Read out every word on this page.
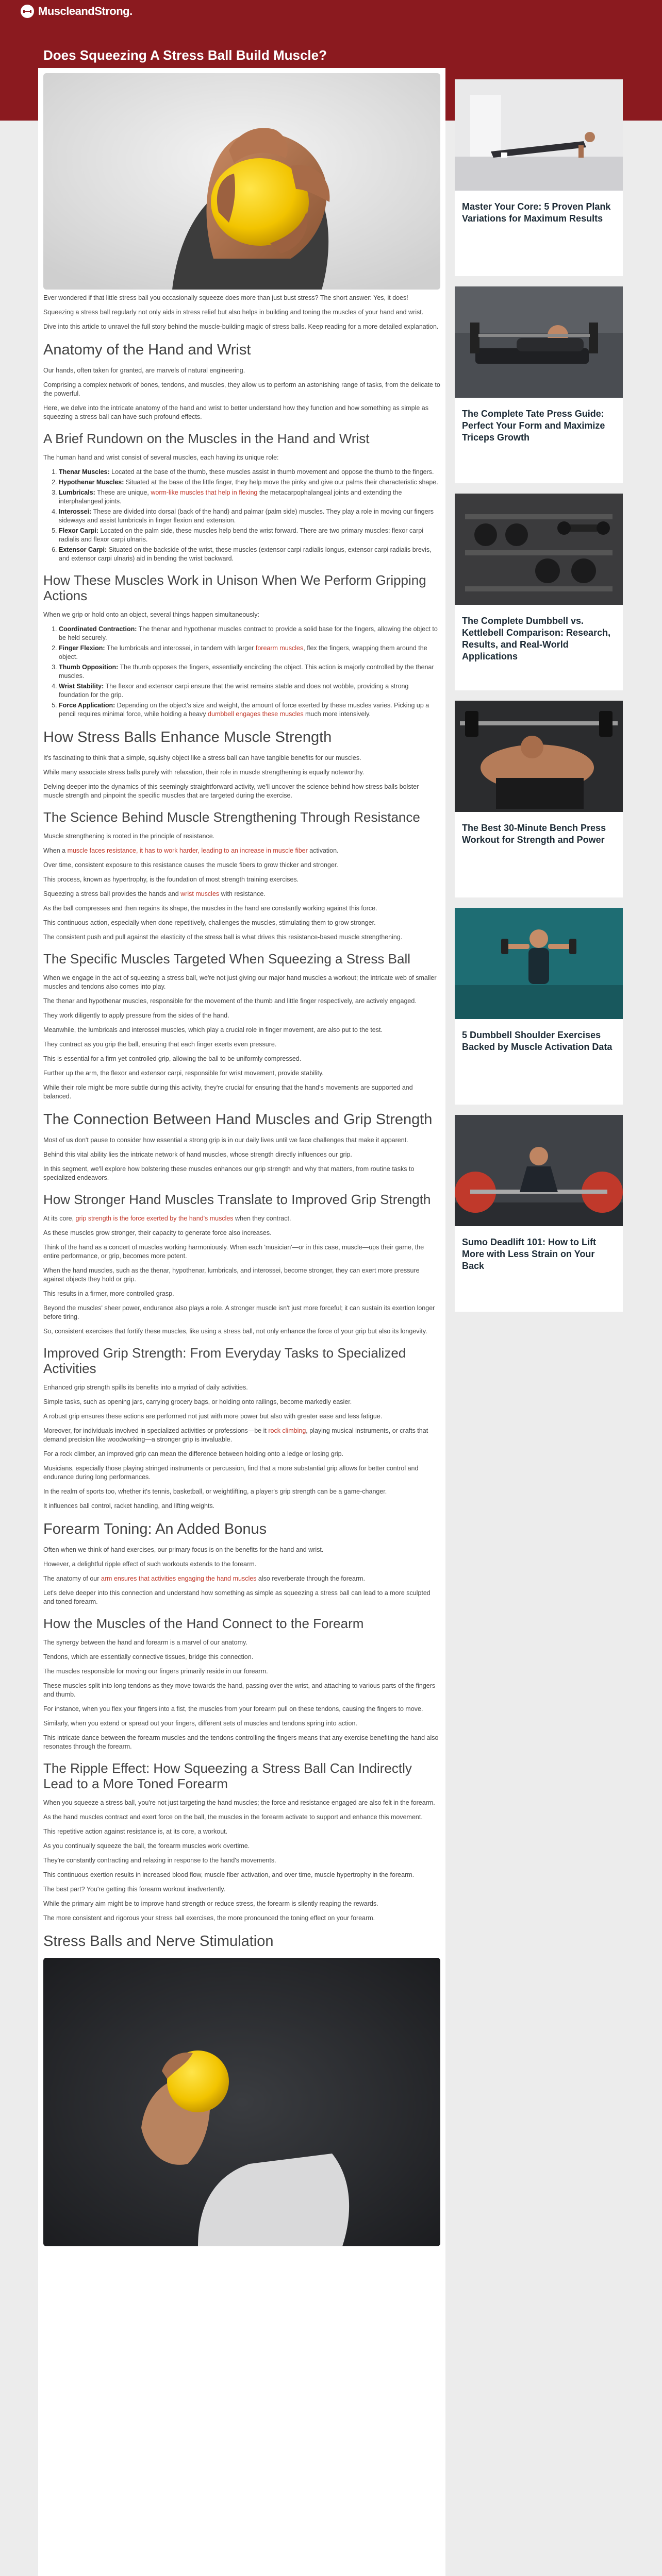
MuscleandStrong.
Does Squeezing A Stress Ball Build Muscle?

Ever wondered if that little stress ball you occasionally squeeze does more than just bust stress? The short answer: Yes, it does!

Squeezing a stress ball regularly not only aids in stress relief but also helps in building and toning the muscles of your hand and wrist.

Dive into this article to unravel the full story behind the muscle-building magic of stress balls. Keep reading for a more detailed explanation.

Anatomy of the Hand and Wrist

Our hands, often taken for granted, are marvels of natural engineering.

Comprising a complex network of bones, tendons, and muscles, they allow us to perform an astonishing range of tasks, from the delicate to the powerful.

Here, we delve into the intricate anatomy of the hand and wrist to better understand how they function and how something as simple as squeezing a stress ball can have such profound effects.

A Brief Rundown on the Muscles in the Hand and Wrist

The human hand and wrist consist of several muscles, each having its unique role:

1. Thenar Muscles: Located at the base of the thumb, these muscles assist in thumb movement and oppose the thumb to the fingers.
2. Hypothenar Muscles: Situated at the base of the little finger, they help move the pinky and give our palms their characteristic shape.
3. Lumbricals: These are unique, worm-like muscles that help in flexing the metacarpophalangeal joints and extending the interphalangeal joints.
4. Interossei: These are divided into dorsal (back of the hand) and palmar (palm side) muscles. They play a role in moving our fingers sideways and assist lumbricals in finger flexion and extension.
5. Flexor Carpi: Located on the palm side, these muscles help bend the wrist forward. There are two primary muscles: flexor carpi radialis and flexor carpi ulnaris.
6. Extensor Carpi: Situated on the backside of the wrist, these muscles (extensor carpi radialis longus, extensor carpi radialis brevis, and extensor carpi ulnaris) aid in bending the wrist backward.
How These Muscles Work in Unison When We Perform Gripping Actions

When we grip or hold onto an object, several things happen simultaneously:

1. Coordinated Contraction: The thenar and hypothenar muscles contract to provide a solid base for the fingers, allowing the object to be held securely.
2. Finger Flexion: The lumbricals and interossei, in tandem with larger forearm muscles, flex the fingers, wrapping them around the object.
3. Thumb Opposition: The thumb opposes the fingers, essentially encircling the object. This action is majorly controlled by the thenar muscles.
4. Wrist Stability: The flexor and extensor carpi ensure that the wrist remains stable and does not wobble, providing a strong foundation for the grip.
5. Force Application: Depending on the object's size and weight, the amount of force exerted by these muscles varies. Picking up a pencil requires minimal force, while holding a heavy dumbbell engages these muscles much more intensively.
How Stress Balls Enhance Muscle Strength

It's fascinating to think that a simple, squishy object like a stress ball can have tangible benefits for our muscles.

While many associate stress balls purely with relaxation, their role in muscle strengthening is equally noteworthy.

Delving deeper into the dynamics of this seemingly straightforward activity, we'll uncover the science behind how stress balls bolster muscle strength and pinpoint the specific muscles that are targeted during the exercise.

The Science Behind Muscle Strengthening Through Resistance

Muscle strengthening is rooted in the principle of resistance.

When a muscle faces resistance, it has to work harder, leading to an increase in muscle fiber activation.

Over time, consistent exposure to this resistance causes the muscle fibers to grow thicker and stronger.

This process, known as hypertrophy, is the foundation of most strength training exercises.

Squeezing a stress ball provides the hands and wrist muscles with resistance.

As the ball compresses and then regains its shape, the muscles in the hand are constantly working against this force.

This continuous action, especially when done repetitively, challenges the muscles, stimulating them to grow stronger.

The consistent push and pull against the elasticity of the stress ball is what drives this resistance-based muscle strengthening.

The Specific Muscles Targeted When Squeezing a Stress Ball

When we engage in the act of squeezing a stress ball, we're not just giving our major hand muscles a workout; the intricate web of smaller muscles and tendons also comes into play.

The thenar and hypothenar muscles, responsible for the movement of the thumb and little finger respectively, are actively engaged.

They work diligently to apply pressure from the sides of the hand.

Meanwhile, the lumbricals and interossei muscles, which play a crucial role in finger movement, are also put to the test.

They contract as you grip the ball, ensuring that each finger exerts even pressure.

This is essential for a firm yet controlled grip, allowing the ball to be uniformly compressed.

Further up the arm, the flexor and extensor carpi, responsible for wrist movement, provide stability.

While their role might be more subtle during this activity, they're crucial for ensuring that the hand's movements are supported and balanced.

The Connection Between Hand Muscles and Grip Strength

Most of us don't pause to consider how essential a strong grip is in our daily lives until we face challenges that make it apparent.

Behind this vital ability lies the intricate network of hand muscles, whose strength directly influences our grip.

In this segment, we'll explore how bolstering these muscles enhances our grip strength and why that matters, from routine tasks to specialized endeavors.

How Stronger Hand Muscles Translate to Improved Grip Strength

At its core, grip strength is the force exerted by the hand's muscles when they contract.

As these muscles grow stronger, their capacity to generate force also increases.

Think of the hand as a concert of muscles working harmoniously. When each 'musician'—or in this case, muscle—ups their game, the entire performance, or grip, becomes more potent.

When the hand muscles, such as the thenar, hypothenar, lumbricals, and interossei, become stronger, they can exert more pressure against objects they hold or grip.

This results in a firmer, more controlled grasp.

Beyond the muscles' sheer power, endurance also plays a role. A stronger muscle isn't just more forceful; it can sustain its exertion longer before tiring.

So, consistent exercises that fortify these muscles, like using a stress ball, not only enhance the force of your grip but also its longevity.

Improved Grip Strength: From Everyday Tasks to Specialized Activities

Enhanced grip strength spills its benefits into a myriad of daily activities.

Simple tasks, such as opening jars, carrying grocery bags, or holding onto railings, become markedly easier.

A robust grip ensures these actions are performed not just with more power but also with greater ease and less fatigue.

Moreover, for individuals involved in specialized activities or professions—be it rock climbing, playing musical instruments, or crafts that demand precision like woodworking—a stronger grip is invaluable.

For a rock climber, an improved grip can mean the difference between holding onto a ledge or losing grip.

Musicians, especially those playing stringed instruments or percussion, find that a more substantial grip allows for better control and endurance during long performances.

In the realm of sports too, whether it's tennis, basketball, or weightlifting, a player's grip strength can be a game-changer.

It influences ball control, racket handling, and lifting weights.

Forearm Toning: An Added Bonus

Often when we think of hand exercises, our primary focus is on the benefits for the hand and wrist.

However, a delightful ripple effect of such workouts extends to the forearm.

The anatomy of our arm ensures that activities engaging the hand muscles also reverberate through the forearm.

Let's delve deeper into this connection and understand how something as simple as squeezing a stress ball can lead to a more sculpted and toned forearm.

How the Muscles of the Hand Connect to the Forearm

The synergy between the hand and forearm is a marvel of our anatomy.

Tendons, which are essentially connective tissues, bridge this connection.

The muscles responsible for moving our fingers primarily reside in our forearm.

These muscles split into long tendons as they move towards the hand, passing over the wrist, and attaching to various parts of the fingers and thumb.

For instance, when you flex your fingers into a fist, the muscles from your forearm pull on these tendons, causing the fingers to move.

Similarly, when you extend or spread out your fingers, different sets of muscles and tendons spring into action.

This intricate dance between the forearm muscles and the tendons controlling the fingers means that any exercise benefiting the hand also resonates through the forearm.

The Ripple Effect: How Squeezing a Stress Ball Can Indirectly Lead to a More Toned Forearm

When you squeeze a stress ball, you're not just targeting the hand muscles; the force and resistance engaged are also felt in the forearm.

As the hand muscles contract and exert force on the ball, the muscles in the forearm activate to support and enhance this movement.

This repetitive action against resistance is, at its core, a workout.

As you continually squeeze the ball, the forearm muscles work overtime.

They're constantly contracting and relaxing in response to the hand's movements.

This continuous exertion results in increased blood flow, muscle fiber activation, and over time, muscle hypertrophy in the forearm.

The best part? You're getting this forearm workout inadvertently.

While the primary aim might be to improve hand strength or reduce stress, the forearm is silently reaping the rewards.

The more consistent and rigorous your stress ball exercises, the more pronounced the toning effect on your forearm.

Stress Balls and Nerve Stimulation
Master Your Core: 5 Proven Plank Variations for Maximum Results
The Complete Tate Press Guide: Perfect Your Form and Maximize Triceps Growth
The Complete Dumbbell vs. Kettlebell Comparison: Research, Results, and Real-World Applications
The Best 30-Minute Bench Press Workout for Strength and Power
5 Dumbbell Shoulder Exercises Backed by Muscle Activation Data
Sumo Deadlift 101: How to Lift More with Less Strain on Your Back
